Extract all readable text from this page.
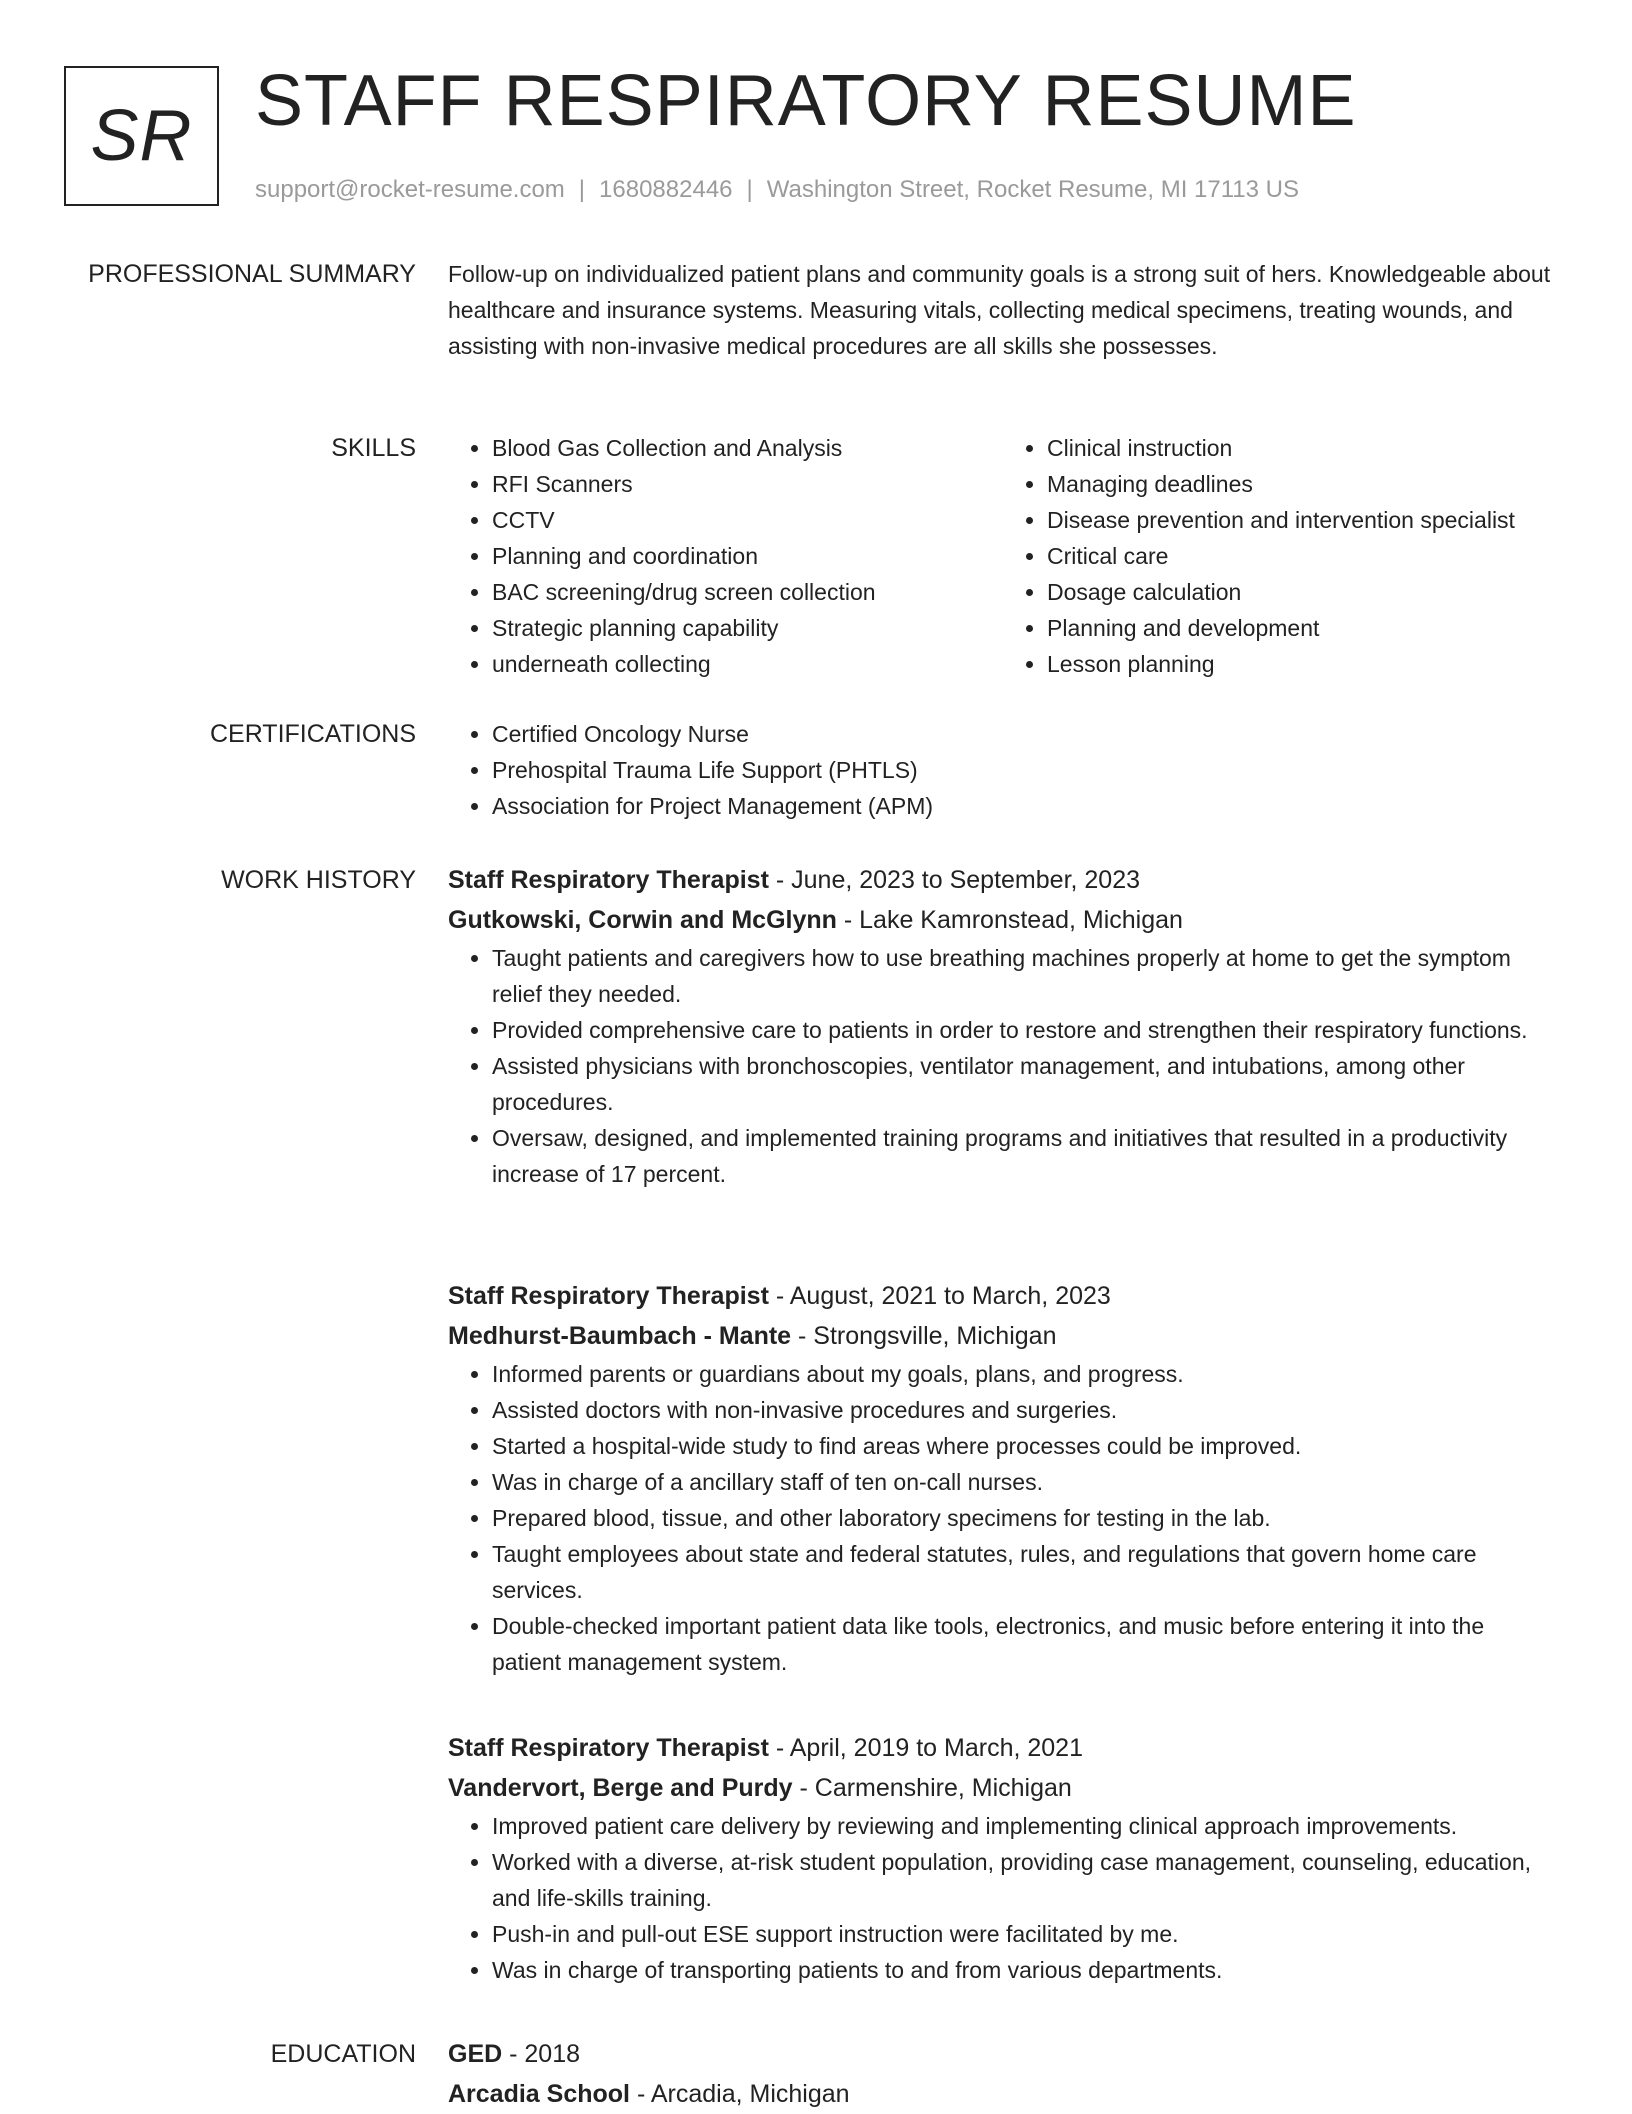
SR STAFF RESPIRATORY RESUME
support@rocket-resume.com | 1680882446 | Washington Street, Rocket Resume, MI 17113 US
PROFESSIONAL SUMMARY Follow-up on individualized patient plans and community goals is a strong suit of hers. Knowledgeable about healthcare and insurance systems. Measuring vitals, collecting medical specimens, treating wounds, and assisting with non-invasive medical procedures are all skills she possesses.

SKILLS	• Blood Gas Collection and Analysis
• RFI Scanners
• CCTV
• Planning and coordination
• BAC screening/drug screen collection
• Strategic planning capability
• underneath collecting
• Clinical instruction
• Managing deadlines
• Disease prevention and intervention specialist
• Critical care
• Dosage calculation
• Planning and development
• Lesson planning
CERTIFICATIONS	• Certified Oncology Nurse
• Prehospital Trauma Life Support (PHTLS)
• Association for Project Management (APM)
WORK HISTORY Staff Respiratory Therapist - June, 2023 to September, 2023
Gutkowski, Corwin and McGlynn - Lake Kamronstead, Michigan
• Taught patients and caregivers how to use breathing machines properly at home to get the symptom relief they needed.
• Provided comprehensive care to patients in order to restore and strengthen their respiratory functions.
• Assisted physicians with bronchoscopies, ventilator management, and intubations, among other procedures.
• Oversaw, designed, and implemented training programs and initiatives that resulted in a productivity increase of 17 percent.
Staff Respiratory Therapist - August, 2021 to March, 2023
Medhurst-Baumbach - Mante - Strongsville, Michigan
• Informed parents or guardians about my goals, plans, and progress.
• Assisted doctors with non-invasive procedures and surgeries.
• Started a hospital-wide study to find areas where processes could be improved.
• Was in charge of a ancillary staff of ten on-call nurses.
• Prepared blood, tissue, and other laboratory specimens for testing in the lab.
• Taught employees about state and federal statutes, rules, and regulations that govern home care services.
• Double-checked important patient data like tools, electronics, and music before entering it into the patient management system.
Staff Respiratory Therapist - April, 2019 to March, 2021
Vandervort, Berge and Purdy - Carmenshire, Michigan
• Improved patient care delivery by reviewing and implementing clinical approach improvements.
• Worked with a diverse, at-risk student population, providing case management, counseling, education, and life-skills training.
• Push-in and pull-out ESE support instruction were facilitated by me.
• Was in charge of transporting patients to and from various departments.
EDUCATION GED - 2018
Arcadia School - Arcadia, Michigan
